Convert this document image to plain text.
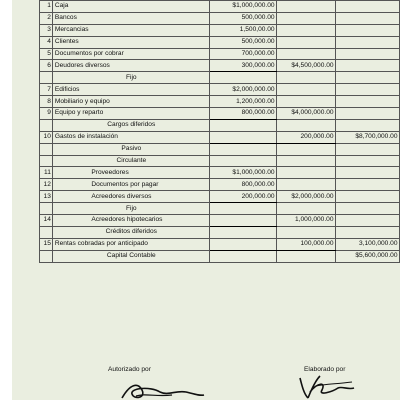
	1	Caja	$1,000,000.00		
	2	Bancos	500,000.00		
	3	Mercancias	1,500,00.00		
	4	Clientes	500,000.00		
	5	Documentos por cobrar	700,000.00		
	6	Deudores diversos	300,000.00	$4,500,000.00	
		Fijo			
	7	Edificios	$2,000,000.00		
	8	Mobiliario y equipo	1,200,000.00		
	9	Equipo y reparto	800,000.00	$4,000,000.00	
		Cargos diferidos			
	10	Gastos de instalación		200,000.00	$8,700,000.00
		Pasivo			
		Circulante			
	11	Proveedores	$1,000,000.00		
	12	Documentos por pagar	800,000.00		
	13	Acreedores diversos	200,000.00	$2,000,000.00	
		Fijo			
	14	Acreedores hipotecarios		1,000,000.00	
		Créditos diferidos			
	15	Rentas cobradas por anticipado		100,000.00	3,100,000.00
		Capital Contable			$5,600,000.00
Autorizado por	Elaborado por
